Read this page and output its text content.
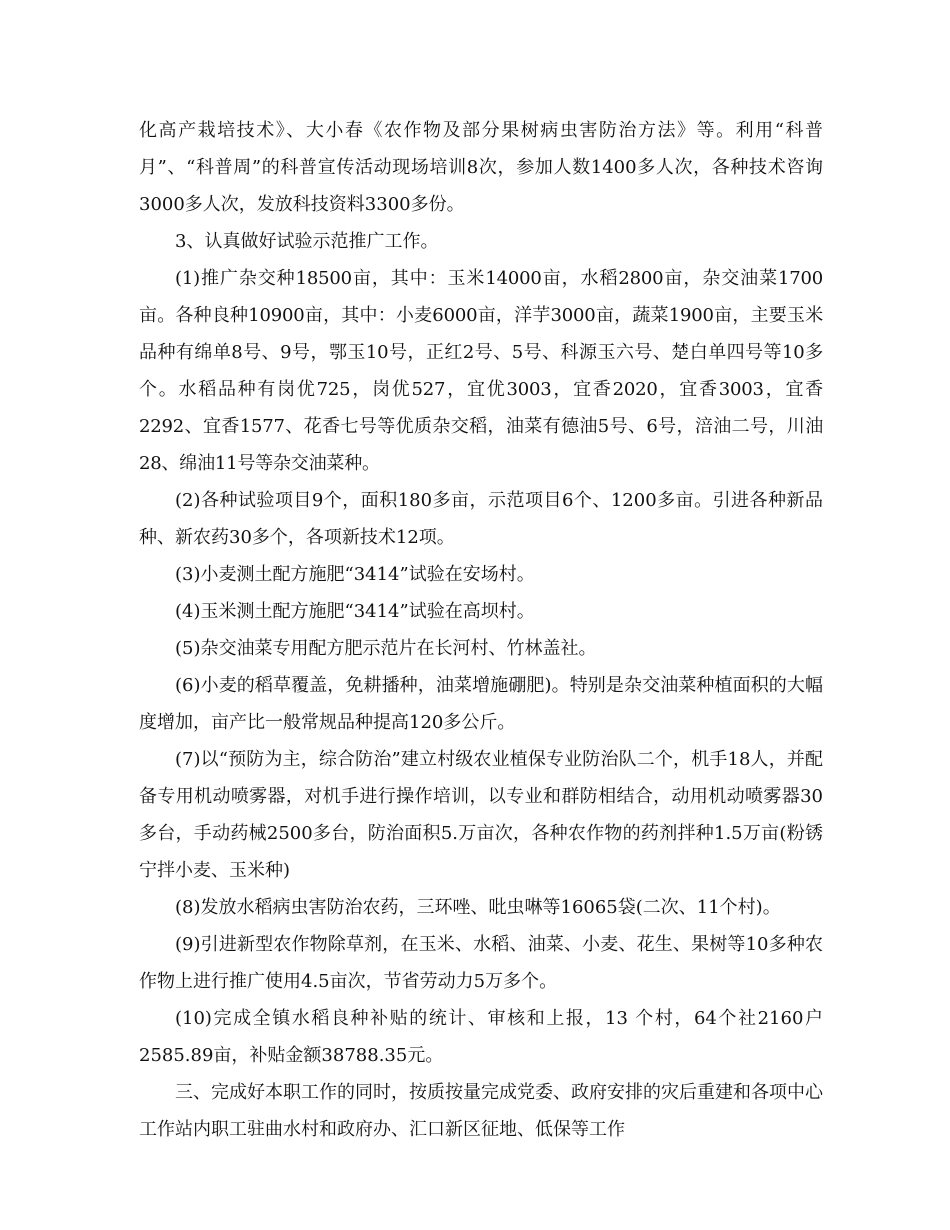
化高产栽培技术》、大小春《农作物及部分果树病虫害防治方法》等。利用“科普月”、“科普周”的科普宣传活动现场培训8次，参加人数1400多人次，各种技术咨询3000多人次，发放科技资料3300多份。

3、认真做好试验示范推广工作。

(1)推广杂交种18500亩，其中：玉米14000亩，水稻2800亩，杂交油菜1700亩。各种良种10900亩，其中：小麦6000亩，洋芋3000亩，蔬菜1900亩，主要玉米品种有绵单8号、9号，鄂玉10号，正红2号、5号、科源玉六号、楚白单四号等10多个。水稻品种有岗优725，岗优527，宜优3003，宜香2020，宜香3003，宜香2292、宜香1577、花香七号等优质杂交稻，油菜有德油5号、6号，涪油二号，川油28、绵油11号等杂交油菜种。

(2)各种试验项目9个，面积180多亩，示范项目6个、1200多亩。引进各种新品种、新农药30多个，各项新技术12项。

(3)小麦测土配方施肥“3414”试验在安场村。

(4)玉米测土配方施肥“3414”试验在高坝村。

(5)杂交油菜专用配方肥示范片在长河村、竹林盖社。

(6)小麦的稻草覆盖，免耕播种，油菜增施硼肥)。特别是杂交油菜种植面积的大幅度增加，亩产比一般常规品种提高120多公斤。

(7)以“预防为主，综合防治”建立村级农业植保专业防治队二个，机手18人，并配备专用机动喷雾器，对机手进行操作培训，以专业和群防相结合，动用机动喷雾器30多台，手动药械2500多台，防治面积5.万亩次，各种农作物的药剂拌种1.5万亩(粉锈宁拌小麦、玉米种)

(8)发放水稻病虫害防治农药，三环唑、吡虫啉等16065袋(二次、11个村)。

(9)引进新型农作物除草剂，在玉米、水稻、油菜、小麦、花生、果树等10多种农作物上进行推广使用4.5亩次，节省劳动力5万多个。

(10)完成全镇水稻良种补贴的统计、审核和上报，13 个村，64个社2160户2585.89亩，补贴金额38788.35元。

三、完成好本职工作的同时，按质按量完成党委、政府安排的灾后重建和各项中心工作站内职工驻曲水村和政府办、汇口新区征地、低保等工作
